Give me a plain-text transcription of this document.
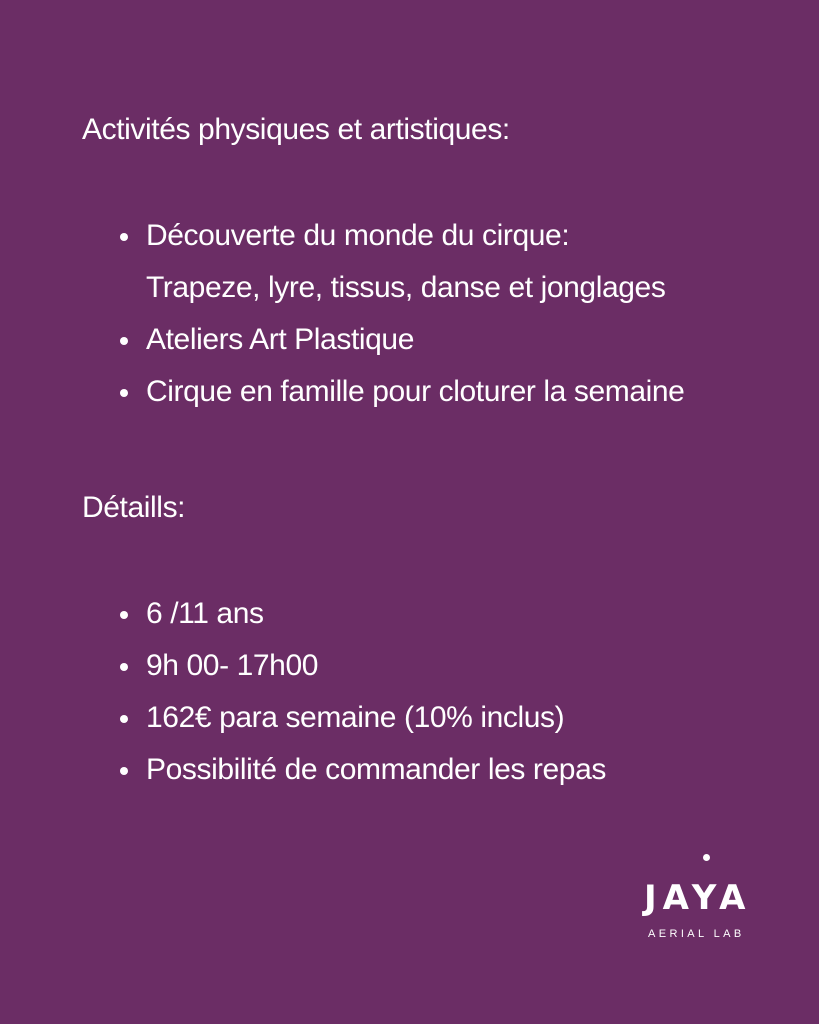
Activités physiques et artistiques:
Découverte du monde du cirque:
Trapeze, lyre, tissus, danse et jonglages
Ateliers Art Plastique
Cirque en famille pour cloturer la semaine
Détaills:
6 /11 ans
9h 00- 17h00
162€ para semaine (10% inclus)
Possibilité de commander les repas
JAYA
AERIAL LAB
